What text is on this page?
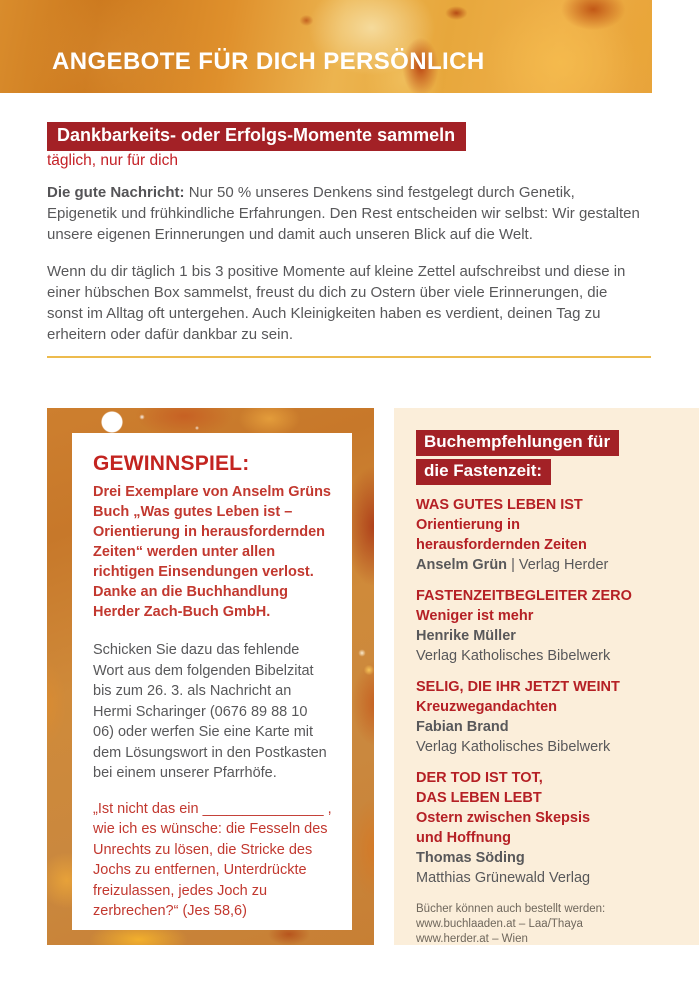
ANGEBOTE FÜR DICH PERSÖNLICH
Dankbarkeits- oder Erfolgs-Momente sammeln
täglich, nur für dich
Die gute Nachricht: Nur 50 % unseres Denkens sind festgelegt durch Genetik, Epigenetik und frühkindliche Erfahrungen. Den Rest entscheiden wir selbst: Wir gestalten unsere eigenen Erinnerungen und damit auch unseren Blick auf die Welt.
Wenn du dir täglich 1 bis 3 positive Momente auf kleine Zettel aufschreibst und diese in einer hübschen Box sammelst, freust du dich zu Ostern über viele Erinnerungen, die sonst im Alltag oft untergehen. Auch Kleinigkeiten haben es verdient, deinen Tag zu erheitern oder dafür dankbar zu sein.
GEWINNSPIEL:

Drei Exemplare von Anselm Grüns Buch „Was gutes Leben ist – Orientierung in herausfordernden Zeiten“ werden unter allen richtigen Einsendungen verlost. Danke an die Buchhandlung Herder Zach-Buch GmbH.

Schicken Sie dazu das fehlende Wort aus dem folgenden Bibelzitat bis zum 26. 3. als Nachricht an Hermi Scharinger (0676 89 88 10 06) oder werfen Sie eine Karte mit dem Lösungswort in den Postkasten bei einem unserer Pfarrhöfe.

„Ist nicht das ein _______________ , wie ich es wünsche: die Fesseln des Unrechts zu lösen, die Stricke des Jochs zu entfernen, Unterdrückte freizulassen, jedes Joch zu zerbrechen?“ (Jes 58,6)

Buchempfehlungen für
die Fastenzeit:
WAS GUTES LEBEN IST
Orientierung in
herausfordernden Zeiten
Anselm Grün | Verlag Herder
FASTENZEITBEGLEITER ZERO
Weniger ist mehr
Henrike Müller
Verlag Katholisches Bibelwerk
SELIG, DIE IHR JETZT WEINT
Kreuzwegandachten
Fabian Brand
Verlag Katholisches Bibelwerk
DER TOD IST TOT,
DAS LEBEN LEBT
Ostern zwischen Skepsis
und Hoffnung
Thomas Söding
Matthias Grünewald Verlag
Bücher können auch bestellt werden:
www.buchlaaden.at – Laa/Thaya
www.herder.at – Wien
